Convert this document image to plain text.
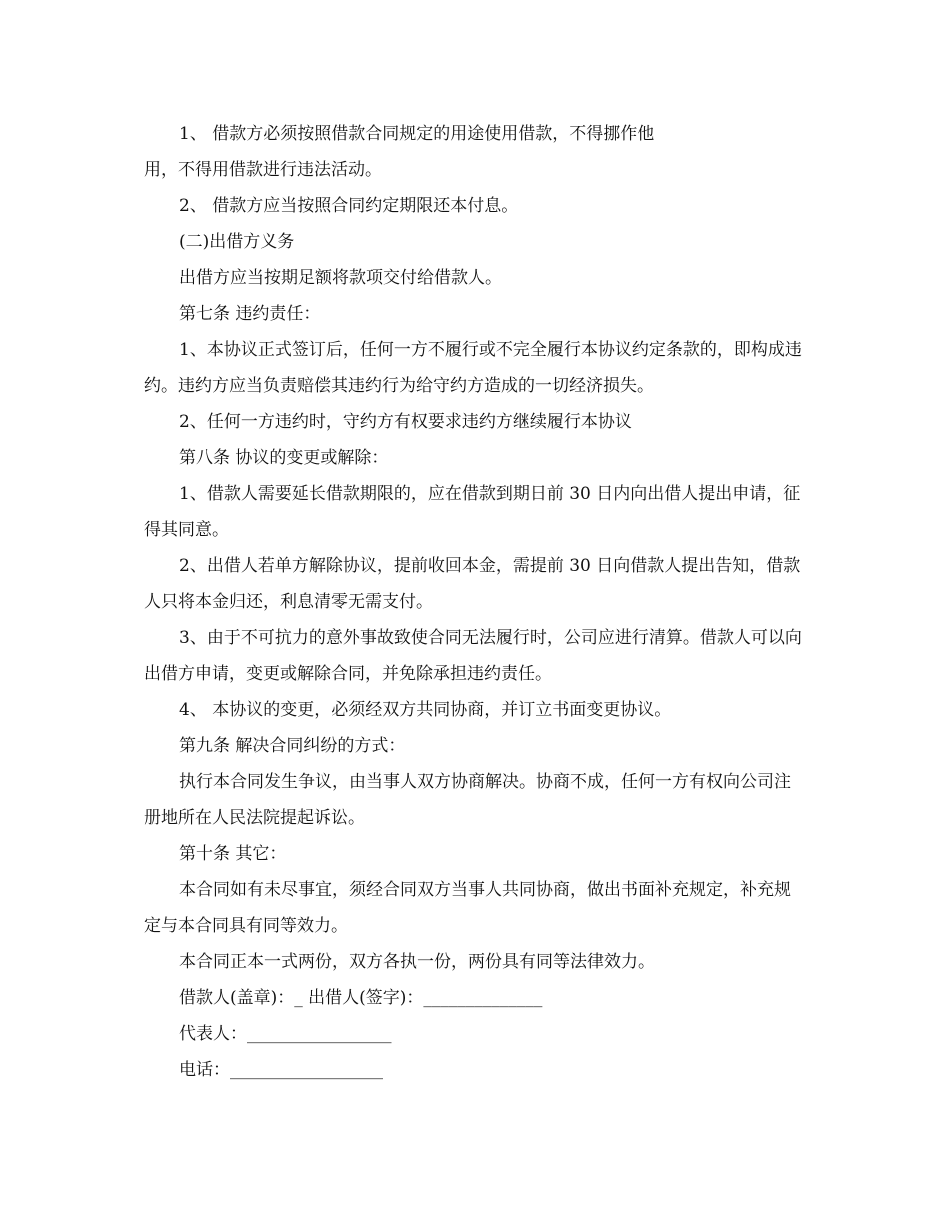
1、 借款方必须按照借款合同规定的用途使用借款，不得挪作他

用，不得用借款进行违法活动。

2、 借款方应当按照合同约定期限还本付息。

(二)出借方义务

出借方应当按期足额将款项交付给借款人。

第七条 违约责任：

1、本协议正式签订后，任何一方不履行或不完全履行本协议约定条款的，即构成违约。违约方应当负责赔偿其违约行为给守约方造成的一切经济损失。

2、任何一方违约时，守约方有权要求违约方继续履行本协议

第八条 协议的变更或解除：

1、借款人需要延长借款期限的，应在借款到期日前 30 日内向出借人提出申请，征得其同意。

2、出借人若单方解除协议，提前收回本金，需提前 30 日向借款人提出告知，借款人只将本金归还，利息清零无需支付。

3、由于不可抗力的意外事故致使合同无法履行时，公司应进行清算。借款人可以向出借方申请，变更或解除合同，并免除承担违约责任。

4、 本协议的变更，必须经双方共同协商，并订立书面变更协议。

第九条 解决合同纠纷的方式：

执行本合同发生争议，由当事人双方协商解决。协商不成，任何一方有权向公司注册地所在人民法院提起诉讼。

第十条 其它：

本合同如有未尽事宜，须经合同双方当事人共同协商，做出书面补充规定，补充规定与本合同具有同等效力。

本合同正本一式两份，双方各执一份，两份具有同等法律效力。

借款人(盖章)：_ 出借人(签字)：______________

代表人：_________________

电话：__________________
